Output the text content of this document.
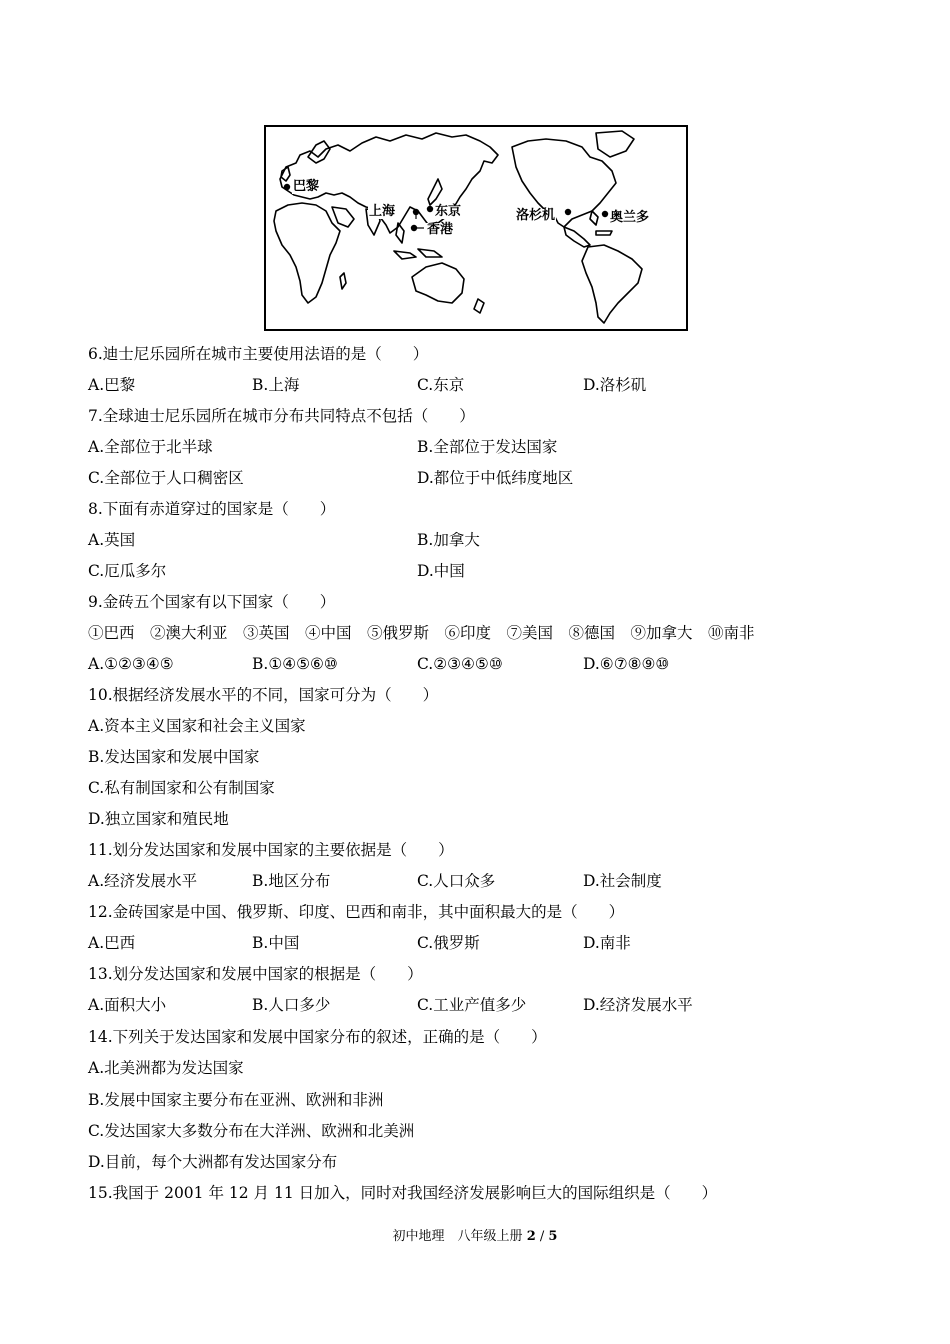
巴黎
上海	东京
香港
洛杉机	奥兰多
6.迪士尼乐园所在城市主要使用法语的是（　　）
A.巴黎	B.上海	C.东京	D.洛杉矶
7.全球迪士尼乐园所在城市分布共同特点不包括（　　）
A.全部位于北半球	B.全部位于发达国家
C.全部位于人口稠密区	D.都位于中低纬度地区
8.下面有赤道穿过的国家是（　　）
A.英国	B.加拿大
C.厄瓜多尔	D.中国
9.金砖五个国家有以下国家（　　）
①巴西　②澳大利亚　③英国　④中国　⑤俄罗斯　⑥印度　⑦美国　⑧德国　⑨加拿大　⑩南非
A.①②③④⑤	B.①④⑤⑥⑩	C.②③④⑤⑩	D.⑥⑦⑧⑨⑩
10.根据经济发展水平的不同，国家可分为（　　）
A.资本主义国家和社会主义国家
B.发达国家和发展中国家
C.私有制国家和公有制国家
D.独立国家和殖民地
11.划分发达国家和发展中国家的主要依据是（　　）
A.经济发展水平	B.地区分布	C.人口众多	D.社会制度
12.金砖国家是中国、俄罗斯、印度、巴西和南非，其中面积最大的是（　　）
A.巴西	B.中国	C.俄罗斯	D.南非
13.划分发达国家和发展中国家的根据是（　　）
A.面积大小	B.人口多少	C.工业产值多少	D.经济发展水平
14.下列关于发达国家和发展中国家分布的叙述，正确的是（　　）
A.北美洲都为发达国家
B.发展中国家主要分布在亚洲、欧洲和非洲
C.发达国家大多数分布在大洋洲、欧洲和北美洲
D.目前，每个大洲都有发达国家分布
15.我国于 2001 年 12 月 11 日加入，同时对我国经济发展影响巨大的国际组织是（　　）
初中地理　八年级上册 2 / 5
